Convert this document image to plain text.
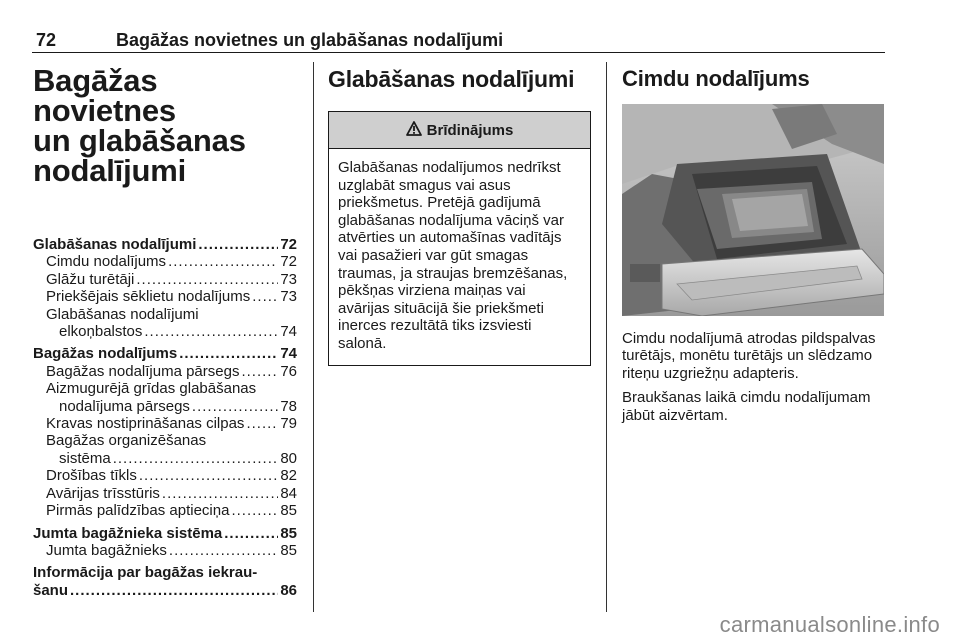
72	Bagāžas novietnes un glabāšanas nodalījumi
Bagāžas novietnes
un glabāšanas
nodalījumi
Glabāšanas nodalījumi .....	72
Cimdu nodalījums .....	72
Glāžu turētāji .....	73
Priekšējais sēklietu nodalījums ..... 73
Glabāšanas nodalījumi
elkoņbalstos .....	74
Bagāžas nodalījums .....	74
Bagāžas nodalījuma pārsegs .....	76
Aizmugurējā grīdas glabāšanas
nodalījuma pārsegs .....	78
Kravas nostiprināšanas cilpas ..... 79
Bagāžas organizēšanas
sistēma .....	80
Drošības tīkls .....	82
Avārijas trīsstūris .....	84
Pirmās palīdzības aptieciņa .....	85
Jumta bagāžnieka sistēma .....	85
Jumta bagāžnieks .....	85
Informācija par bagāžas iekrau-
šanu .....	86
Glabāšanas nodalījumi
Brīdinājums
Glabāšanas nodalījumos nedrīkst uzglabāt smagus vai asus priekšmetus. Pretējā gadījumā glabāšanas nodalījuma vāciņš var atvērties un automašīnas vadītājs vai pasažieri var gūt smagas traumas, ja straujas bremzēšanas, pēkšņas virziena maiņas vai avārijas situācijā šie priekšmeti inerces rezultātā tiks izsviesti salonā.
Cimdu nodalījums

Cimdu nodalījumā atrodas pildspalvas turētājs, monētu turētājs un slēdzamo riteņu uzgriežņu adapteris.

Braukšanas laikā cimdu nodalījumam jābūt aizvērtam.

carmanualsonline.info
